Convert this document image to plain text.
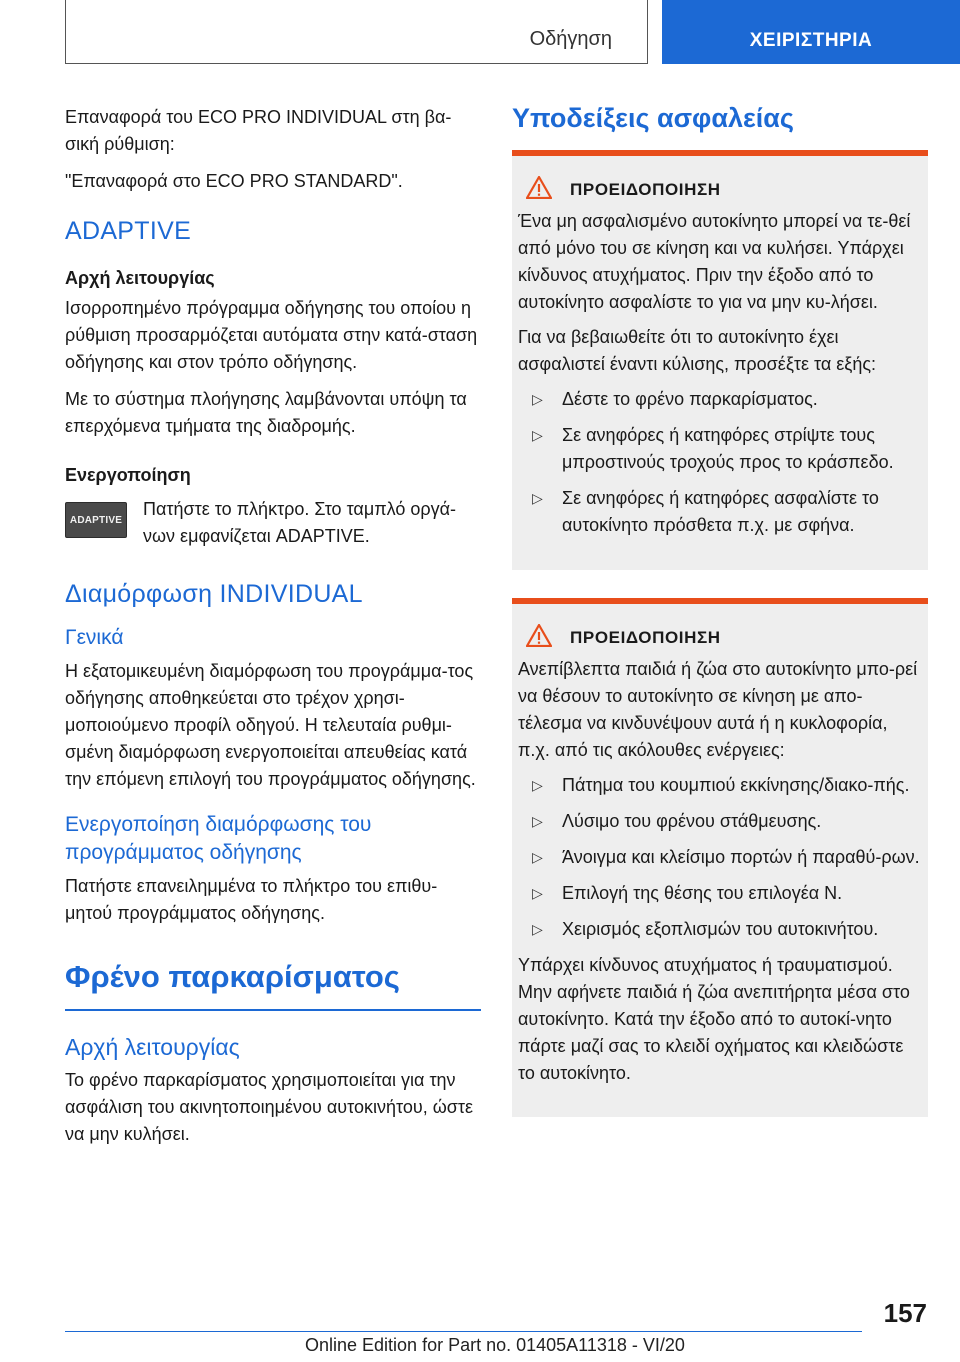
Οδήγηση	ΧΕΙΡΙΣΤΗΡΙΑ

Επαναφορά του ECO PRO INDIVIDUAL στη βα-σική ρύθμιση:

"Επαναφορά στο ECO PRO STANDARD".

ADAPTIVE
Αρχή λειτουργίας

Ισορροπημένο πρόγραμμα οδήγησης του οποίου η ρύθμιση προσαρμόζεται αυτόματα στην κατά-σταση οδήγησης και στον τρόπο οδήγησης.

Με το σύστημα πλοήγησης λαμβάνονται υπόψη τα επερχόμενα τμήματα της διαδρομής.

Ενεργοποίηση
ADAPTIVE

Πατήστε το πλήκτρο. Στο ταμπλό οργά-νων εμφανίζεται ADAPTIVE.

Διαμόρφωση INDIVIDUAL
Γενικά

Η εξατομικευμένη διαμόρφωση του προγράμμα-τος οδήγησης αποθηκεύεται στο τρέχον χρησι-μοποιούμενο προφίλ οδηγού. Η τελευταία ρυθμι-σμένη διαμόρφωση ενεργοποιείται απευθείας κατά την επόμενη επιλογή του προγράμματος οδήγησης.

Ενεργοποίηση διαμόρφωσης του προγράμματος οδήγησης

Πατήστε επανειλημμένα το πλήκτρο του επιθυ-μητού προγράμματος οδήγησης.

Φρένο παρκαρίσματος
Αρχή λειτουργίας

Το φρένο παρκαρίσματος χρησιμοποιείται για την ασφάλιση του ακινητοποιημένου αυτοκινήτου, ώστε να μην κυλήσει.

Υποδείξεις ασφαλείας
ΠΡΟΕΙΔΟΠΟΙΗΣΗ

Ένα μη ασφαλισμένο αυτοκίνητο μπορεί να τε-θεί από μόνο του σε κίνηση και να κυλήσει. Υπάρχει κίνδυνος ατυχήματος. Πριν την έξοδο από το αυτοκίνητο ασφαλίστε το για να μην κυ-λήσει.

Για να βεβαιωθείτε ότι το αυτοκίνητο έχει ασφαλιστεί έναντι κύλισης, προσέξτε τα εξής:

▷	Δέστε το φρένο παρκαρίσματος.
▷	Σε ανηφόρες ή κατηφόρες στρίψτε τους μπροστινούς τροχούς προς το κράσπεδο.
▷	Σε ανηφόρες ή κατηφόρες ασφαλίστε το αυτοκίνητο πρόσθετα π.χ. με σφήνα.
ΠΡΟΕΙΔΟΠΟΙΗΣΗ

Ανεπίβλεπτα παιδιά ή ζώα στο αυτοκίνητο μπο-ρεί να θέσουν το αυτοκίνητο σε κίνηση με απο-τέλεσμα να κινδυνέψουν αυτά ή η κυκλοφορία, π.χ. από τις ακόλουθες ενέργειες:

▷	Πάτημα του κουμπιού εκκίνησης/διακο-πής.
▷	Λύσιμο του φρένου στάθμευσης.
▷	Άνοιγμα και κλείσιμο πορτών ή παραθύ-ρων.
▷	Επιλογή της θέσης του επιλογέα N.
▷	Χειρισμός εξοπλισμών του αυτοκινήτου.

Υπάρχει κίνδυνος ατυχήματος ή τραυματισμού. Μην αφήνετε παιδιά ή ζώα ανεπιτήρητα μέσα στο αυτοκίνητο. Κατά την έξοδο από το αυτοκί-νητο πάρτε μαζί σας το κλειδί οχήματος και κλειδώστε το αυτοκίνητο.

157
Online Edition for Part no. 01405A11318 - VI/20
